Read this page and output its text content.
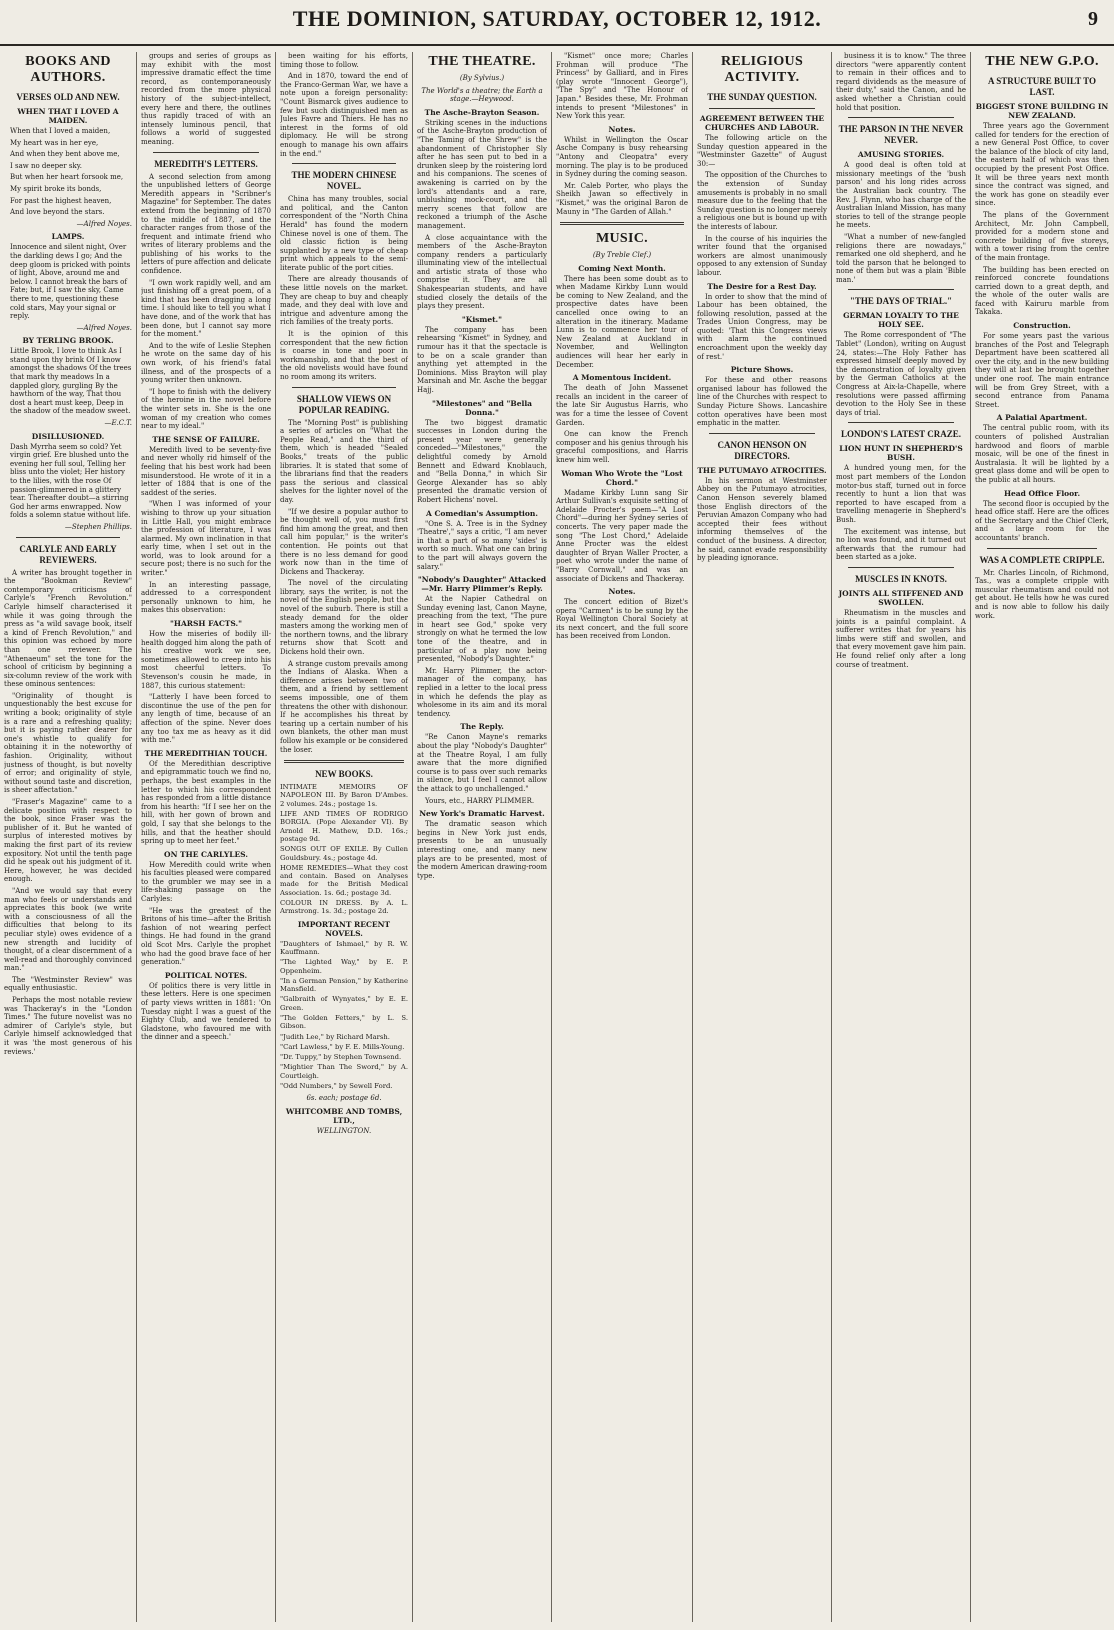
THE DOMINION, SATURDAY, OCTOBER 12, 1912.	9
BOOKS AND AUTHORS.
VERSES OLD AND NEW.
WHEN THAT I LOVED A MAIDEN.

When that I loved a maiden,

My heart was in her eye,

And when they bent above me,

I saw no deeper sky.

But when her heart forsook me,

My spirit broke its bonds,

For past the highest heaven,

And love beyond the stars.

—Alfred Noyes.
LAMPS.

Innocence and silent night, Over the darkling dews I go; And the deep gloom is pricked with points of light, Above, around me and below. I cannot break the bars of Fate; but, if I saw the sky, Came there to me, questioning these cold stars, May your signal or reply.

—Alfred Noyes.
BY TERLING BROOK.

Little Brook, I love to think As I stand upon thy brink Of I know amongst the shadows Of the trees that mark thy meadows In a dappled glory, gurgling By the hawthorn of the way, That thou dost a heart must keep, Deep in the shadow of the meadow sweet.

—E.C.T.
DISILLUSIONED.

Dash Myrrha seem so cold? Yet virgin grief. Ere blushed unto the evening her full soul, Telling her bliss unto the violet; Her history to the lilies, with the rose Of passion-glimmered in a glittery tear. Thereafter doubt—a stirring God her arms enwrapped. Now folds a solemn statue without life.

—Stephen Phillips.
CARLYLE AND EARLY REVIEWERS.

A writer has brought together in the "Bookman Review" contemporary criticisms of Carlyle's "French Revolution." Carlyle himself characterised it while it was going through the press as "a wild savage book, itself a kind of French Revolution," and this opinion was echoed by more than one reviewer. The "Athenaeum" set the tone for the school of criticism by beginning a six-column review of the work with these ominous sentences:

"Originality of thought is unquestionably the best excuse for writing a book; originality of style is a rare and a refreshing quality; but it is paying rather dearer for one's whistle to qualify for obtaining it in the noteworthy of fashion. Originality, without justness of thought, is but novelty of error; and originality of style, without sound taste and discretion, is sheer affectation."

"Fraser's Magazine" came to a delicate position with respect to the book, since Fraser was the publisher of it. But he wanted of surplus of interested motives by making the first part of its review expository. Not until the tenth page did he speak out his judgment of it. Here, however, he was decided enough.

"And we would say that every man who feels or understands and appreciates this book (we write with a consciousness of all the difficulties that belong to its peculiar style) owes evidence of a new strength and lucidity of thought, of a clear discernment of a well-read and thoroughly convinced man."

The "Westminster Review" was equally enthusiastic.

Perhaps the most notable review was Thackeray's in the "London Times." The future novelist was no admirer of Carlyle's style, but Carlyle himself acknowledged that it was 'the most generous of his reviews.'

groups and series of groups as may exhibit with the most impressive dramatic effect the time record, as contemporaneously recorded from the more physical history of the subject-intellect, every here and there, the outlines thus rapidly traced of with an intensely luminous pencil, that follows a world of suggested meaning.

MEREDITH'S LETTERS.

A second selection from among the unpublished letters of George Meredith appears in "Scribner's Magazine" for September. The dates extend from the beginning of 1870 to the middle of 1887, and the character ranges from those of the frequent and intimate friend who writes of literary problems and the publishing of his works to the letters of pure affection and delicate confidence.

"I own work rapidly well, and am just finishing off a great poem, of a kind that has been dragging a long time. I should like to tell you what I have done, and of the work that has been done, but I cannot say more for the moment."

And to the wife of Leslie Stephen he wrote on the same day of his own work, of his friend's fatal illness, and of the prospects of a young writer then unknown.

"I hope to finish with the delivery of the heroine in the novel before the winter sets in. She is the one woman of my creation who comes near to my ideal."

THE SENSE OF FAILURE.

Meredith lived to be seventy-five and never wholly rid himself of the feeling that his best work had been misunderstood. He wrote of it in a letter of 1884 that is one of the saddest of the series.

"When I was informed of your wishing to throw up your situation in Little Hall, you might embrace the profession of literature, I was alarmed. My own inclination in that early time, when I set out in the world, was to look around for a secure post; there is no such for the writer."

In an interesting passage, addressed to a correspondent personally unknown to him, he makes this observation:

"HARSH FACTS."

How the miseries of bodily ill-health dogged him along the path of his creative work we see, sometimes allowed to creep into his most cheerful letters. To Stevenson's cousin he made, in 1887, this curious statement:

"Latterly I have been forced to discontinue the use of the pen for any length of time, because of an affection of the spine. Never does any too tax me as heavy as it did with me."

THE MEREDITHIAN TOUCH.

Of the Meredithian descriptive and epigrammatic touch we find no, perhaps, the best examples in the letter to which his correspondent has responded from a little distance from his hearth: "If I see her on the hill, with her gown of brown and gold, I say that she belongs to the hills, and that the heather should spring up to meet her feet."

ON THE CARLYLES.

How Meredith could write when his faculties pleased were compared to the grumbler we may see in a life-shaking passage on the Carlyles:

"He was the greatest of the Britons of his time—after the British fashion of not wearing perfect things. He had found in the grand old Scot Mrs. Carlyle the prophet who had the good brave face of her generation."

POLITICAL NOTES.

Of politics there is very little in these letters. Here is one specimen of party views written in 1881: 'On Tuesday night I was a guest of the Eighty Club, and we tendered to Gladstone, who favoured me with the dinner and a speech.'

been waiting for his efforts, timing those to follow.

And in 1870, toward the end of the Franco-German War, we have a note upon a foreign personality: "Count Bismarck gives audience to few but such distinguished men as Jules Favre and Thiers. He has no interest in the forms of old diplomacy. He will be strong enough to manage his own affairs in the end."

THE MODERN CHINESE NOVEL.

China has many troubles, social and political, and the Canton correspondent of the "North China Herald" has found the modern Chinese novel is one of them. The old classic fiction is being supplanted by a new type of cheap print which appeals to the semi-literate public of the port cities.

There are already thousands of these little novels on the market. They are cheap to buy and cheaply made, and they deal with love and intrigue and adventure among the rich families of the treaty ports.

It is the opinion of this correspondent that the new fiction is coarse in tone and poor in workmanship, and that the best of the old novelists would have found no room among its writers.

SHALLOW VIEWS ON POPULAR READING.

The "Morning Post" is publishing a series of articles on "What the People Read," and the third of them, which is headed "Sealed Books," treats of the public libraries. It is stated that some of the librarians find that the readers pass the serious and classical shelves for the lighter novel of the day.

"If we desire a popular author to be thought well of, you must first find him among the great, and then call him popular," is the writer's contention. He points out that there is no less demand for good work now than in the time of Dickens and Thackeray.

The novel of the circulating library, says the writer, is not the novel of the English people, but the novel of the suburb. There is still a steady demand for the older masters among the working men of the northern towns, and the library returns show that Scott and Dickens hold their own.

A strange custom prevails among the Indians of Alaska. When a difference arises between two of them, and a friend by settlement seems impossible, one of them threatens the other with dishonour. If he accomplishes his threat by tearing up a certain number of his own blankets, the other man must follow his example or be considered the loser.

NEW BOOKS.
INTIMATE MEMOIRS OF NAPOLEON III. By Baron D'Ambes. 2 volumes. 24s.; postage 1s.
LIFE AND TIMES OF RODRIGO BORGIA. (Pope Alexander VI). By Arnold H. Mathew, D.D. 16s.; postage 9d.
SONGS OUT OF EXILE. By Cullen Gouldsbury. 4s.; postage 4d.
HOME REMEDIES—What they cost and contain. Based on Analyses made for the British Medical Association. 1s. 6d.; postage 3d.
COLOUR IN DRESS. By A. L. Armstrong. 1s. 3d.; postage 2d.
IMPORTANT RECENT NOVELS.
"Daughters of Ishmael," by R. W. Kauffmann.
"The Lighted Way," by E. P. Oppenheim.
"In a German Pension," by Katherine Mansfield.
"Galbraith of Wynyates," by E. E. Green.
"The Golden Fetters," by L. S. Gibson.
"Judith Lee," by Richard Marsh.
"Carl Lawless," by F. E. Mills-Young.
"Dr. Tuppy," by Stephen Townsend.
"Mightier Than The Sword," by A. Courtleigh.
"Odd Numbers," by Sewell Ford.
6s. each; postage 6d.
WHITCOMBE AND TOMBS, LTD.,
WELLINGTON.
THE THEATRE.
(By Sylvius.)
The World's a theatre; the Earth a stage.—Heywood.
The Asche-Brayton Season.

Striking scenes in the inductions of the Asche-Brayton production of "The Taming of the Shrew" is the abandonment of Christopher Sly after he has seen put to bed in a drunken sleep by the roistering lord and his companions. The scenes of awakening is carried on by the lord's attendants and a rare, unblushing mock-court, and the merry scenes that follow are reckoned a triumph of the Asche management.

A close acquaintance with the members of the Asche-Brayton company renders a particularly illuminating view of the intellectual and artistic strata of those who comprise it. They are all Shakespearian students, and have studied closely the details of the plays they present.

"Kismet."

The company has been rehearsing "Kismet" in Sydney, and rumour has it that the spectacle is to be on a scale grander than anything yet attempted in the Dominions. Miss Brayton will play Marsinah and Mr. Asche the beggar Hajj.

"Milestones" and "Bella Donna."

The two biggest dramatic successes in London during the present year were generally conceded—"Milestones," the delightful comedy by Arnold Bennett and Edward Knoblauch, and "Bella Donna," in which Sir George Alexander has so ably presented the dramatic version of Robert Hichens' novel.

A Comedian's Assumption.

"One S. A. Tree is in the Sydney 'Theatre'," says a critic, "I am never in that a part of so many 'sides' is worth so much. What one can bring to the part will always govern the salary."

"Nobody's Daughter" Attacked—Mr. Harry Plimmer's Reply.

At the Napier Cathedral on Sunday evening last, Canon Mayne, preaching from the text, "The pure in heart see God," spoke very strongly on what he termed the low tone of the theatre, and in particular of a play now being presented, "Nobody's Daughter."

Mr. Harry Plimmer, the actor-manager of the company, has replied in a letter to the local press in which he defends the play as wholesome in its aim and its moral tendency.

The Reply.

"Re Canon Mayne's remarks about the play "Nobody's Daughter" at the Theatre Royal, I am fully aware that the more dignified course is to pass over such remarks in silence, but I feel I cannot allow the attack to go unchallenged."

Yours, etc., HARRY PLIMMER.

New York's Dramatic Harvest.

The dramatic season which begins in New York just ends, presents to be an unusually interesting one, and many new plays are to be presented, most of the modern American drawing-room type.

"Kismet" once more; Charles Frohman will produce "The Princess" by Galliard, and in Fires (play wrote "Innocent George"), "The Spy" and "The Honour of Japan." Besides these, Mr. Frohman intends to present "Milestones" in New York this year.

Notes.

Whilst in Wellington the Oscar Asche Company is busy rehearsing "Antony and Cleopatra" every morning. The play is to be produced in Sydney during the coming season.

Mr. Caleb Porter, who plays the Sheikh Jawan so effectively in "Kismet," was the original Baron de Mauny in "The Garden of Allah."

MUSIC.
(By Treble Clef.)
Coming Next Month.

There has been some doubt as to when Madame Kirkby Lunn would be coming to New Zealand, and the prospective dates have been cancelled once owing to an alteration in the itinerary. Madame Lunn is to commence her tour of New Zealand at Auckland in November, and Wellington audiences will hear her early in December.

A Momentous Incident.

The death of John Massenet recalls an incident in the career of the late Sir Augustus Harris, who was for a time the lessee of Covent Garden.

One can know the French composer and his genius through his graceful compositions, and Harris knew him well.

Woman Who Wrote the "Lost Chord."

Madame Kirkby Lunn sang Sir Arthur Sullivan's exquisite setting of Adelaide Procter's poem—"A Lost Chord"—during her Sydney series of concerts. The very paper made the song "The Lost Chord," Adelaide Anne Procter was the eldest daughter of Bryan Waller Procter, a poet who wrote under the name of "Barry Cornwall," and was an associate of Dickens and Thackeray.

Notes.

The concert edition of Bizet's opera "Carmen" is to be sung by the Royal Wellington Choral Society at its next concert, and the full score has been received from London.

RELIGIOUS ACTIVITY.
THE SUNDAY QUESTION.
AGREEMENT BETWEEN THE CHURCHES AND LABOUR.

The following article on the Sunday question appeared in the "Westminster Gazette" of August 30:—

The opposition of the Churches to the extension of Sunday amusements is probably in no small measure due to the feeling that the Sunday question is no longer merely a religious one but is bound up with the interests of labour.

In the course of his inquiries the writer found that the organised workers are almost unanimously opposed to any extension of Sunday labour.

The Desire for a Rest Day.

In order to show that the mind of Labour has been obtained, the following resolution, passed at the Trades Union Congress, may be quoted: 'That this Congress views with alarm the continued encroachment upon the weekly day of rest.'

Picture Shows.

For these and other reasons organised labour has followed the line of the Churches with respect to Sunday Picture Shows. Lancashire cotton operatives have been most emphatic in the matter.

CANON HENSON ON DIRECTORS.
THE PUTUMAYO ATROCITIES.

In his sermon at Westminster Abbey on the Putumayo atrocities, Canon Henson severely blamed those English directors of the Peruvian Amazon Company who had accepted their fees without informing themselves of the conduct of the business. A director, he said, cannot evade responsibility by pleading ignorance.

business it is to know." The three directors "were apparently content to remain in their offices and to regard dividends as the measure of their duty," said the Canon, and he asked whether a Christian could hold that position.

THE PARSON IN THE NEVER NEVER.
AMUSING STORIES.

A good deal is often told at missionary meetings of the 'bush parson' and his long rides across the Australian back country. The Rev. J. Flynn, who has charge of the Australian Inland Mission, has many stories to tell of the strange people he meets.

"What a number of new-fangled religions there are nowadays," remarked one old shepherd, and he told the parson that he belonged to none of them but was a plain 'Bible man.'

"THE DAYS OF TRIAL."
GERMAN LOYALTY TO THE HOLY SEE.

The Rome correspondent of "The Tablet" (London), writing on August 24, states:—The Holy Father has expressed himself deeply moved by the demonstration of loyalty given by the German Catholics at the Congress at Aix-la-Chapelle, where resolutions were passed affirming devotion to the Holy See in these days of trial.

LONDON'S LATEST CRAZE.
LION HUNT IN SHEPHERD'S BUSH.

A hundred young men, for the most part members of the London motor-bus staff, turned out in force recently to hunt a lion that was reported to have escaped from a travelling menagerie in Shepherd's Bush.

The excitement was intense, but no lion was found, and it turned out afterwards that the rumour had been started as a joke.

MUSCLES IN KNOTS.
JOINTS ALL STIFFENED AND SWOLLEN.

Rheumatism in the muscles and joints is a painful complaint. A sufferer writes that for years his limbs were stiff and swollen, and that every movement gave him pain. He found relief only after a long course of treatment.

THE NEW G.P.O.
A STRUCTURE BUILT TO LAST.
BIGGEST STONE BUILDING IN NEW ZEALAND.

Three years ago the Government called for tenders for the erection of a new General Post Office, to cover the balance of the block of city land, the eastern half of which was then occupied by the present Post Office. It will be three years next month since the contract was signed, and the work has gone on steadily ever since.

The plans of the Government Architect, Mr. John Campbell, provided for a modern stone and concrete building of five storeys, with a tower rising from the centre of the main frontage.

The building has been erected on reinforced concrete foundations carried down to a great depth, and the whole of the outer walls are faced with Kairuru marble from Takaka.

Construction.

For some years past the various branches of the Post and Telegraph Department have been scattered all over the city, and in the new building they will at last be brought together under one roof. The main entrance will be from Grey Street, with a second entrance from Panama Street.

A Palatial Apartment.

The central public room, with its counters of polished Australian hardwood and floors of marble mosaic, will be one of the finest in Australasia. It will be lighted by a great glass dome and will be open to the public at all hours.

Head Office Floor.

The second floor is occupied by the head office staff. Here are the offices of the Secretary and the Chief Clerk, and a large room for the accountants' branch.

WAS A COMPLETE CRIPPLE.

Mr. Charles Lincoln, of Richmond, Tas., was a complete cripple with muscular rheumatism and could not get about. He tells how he was cured and is now able to follow his daily work.
